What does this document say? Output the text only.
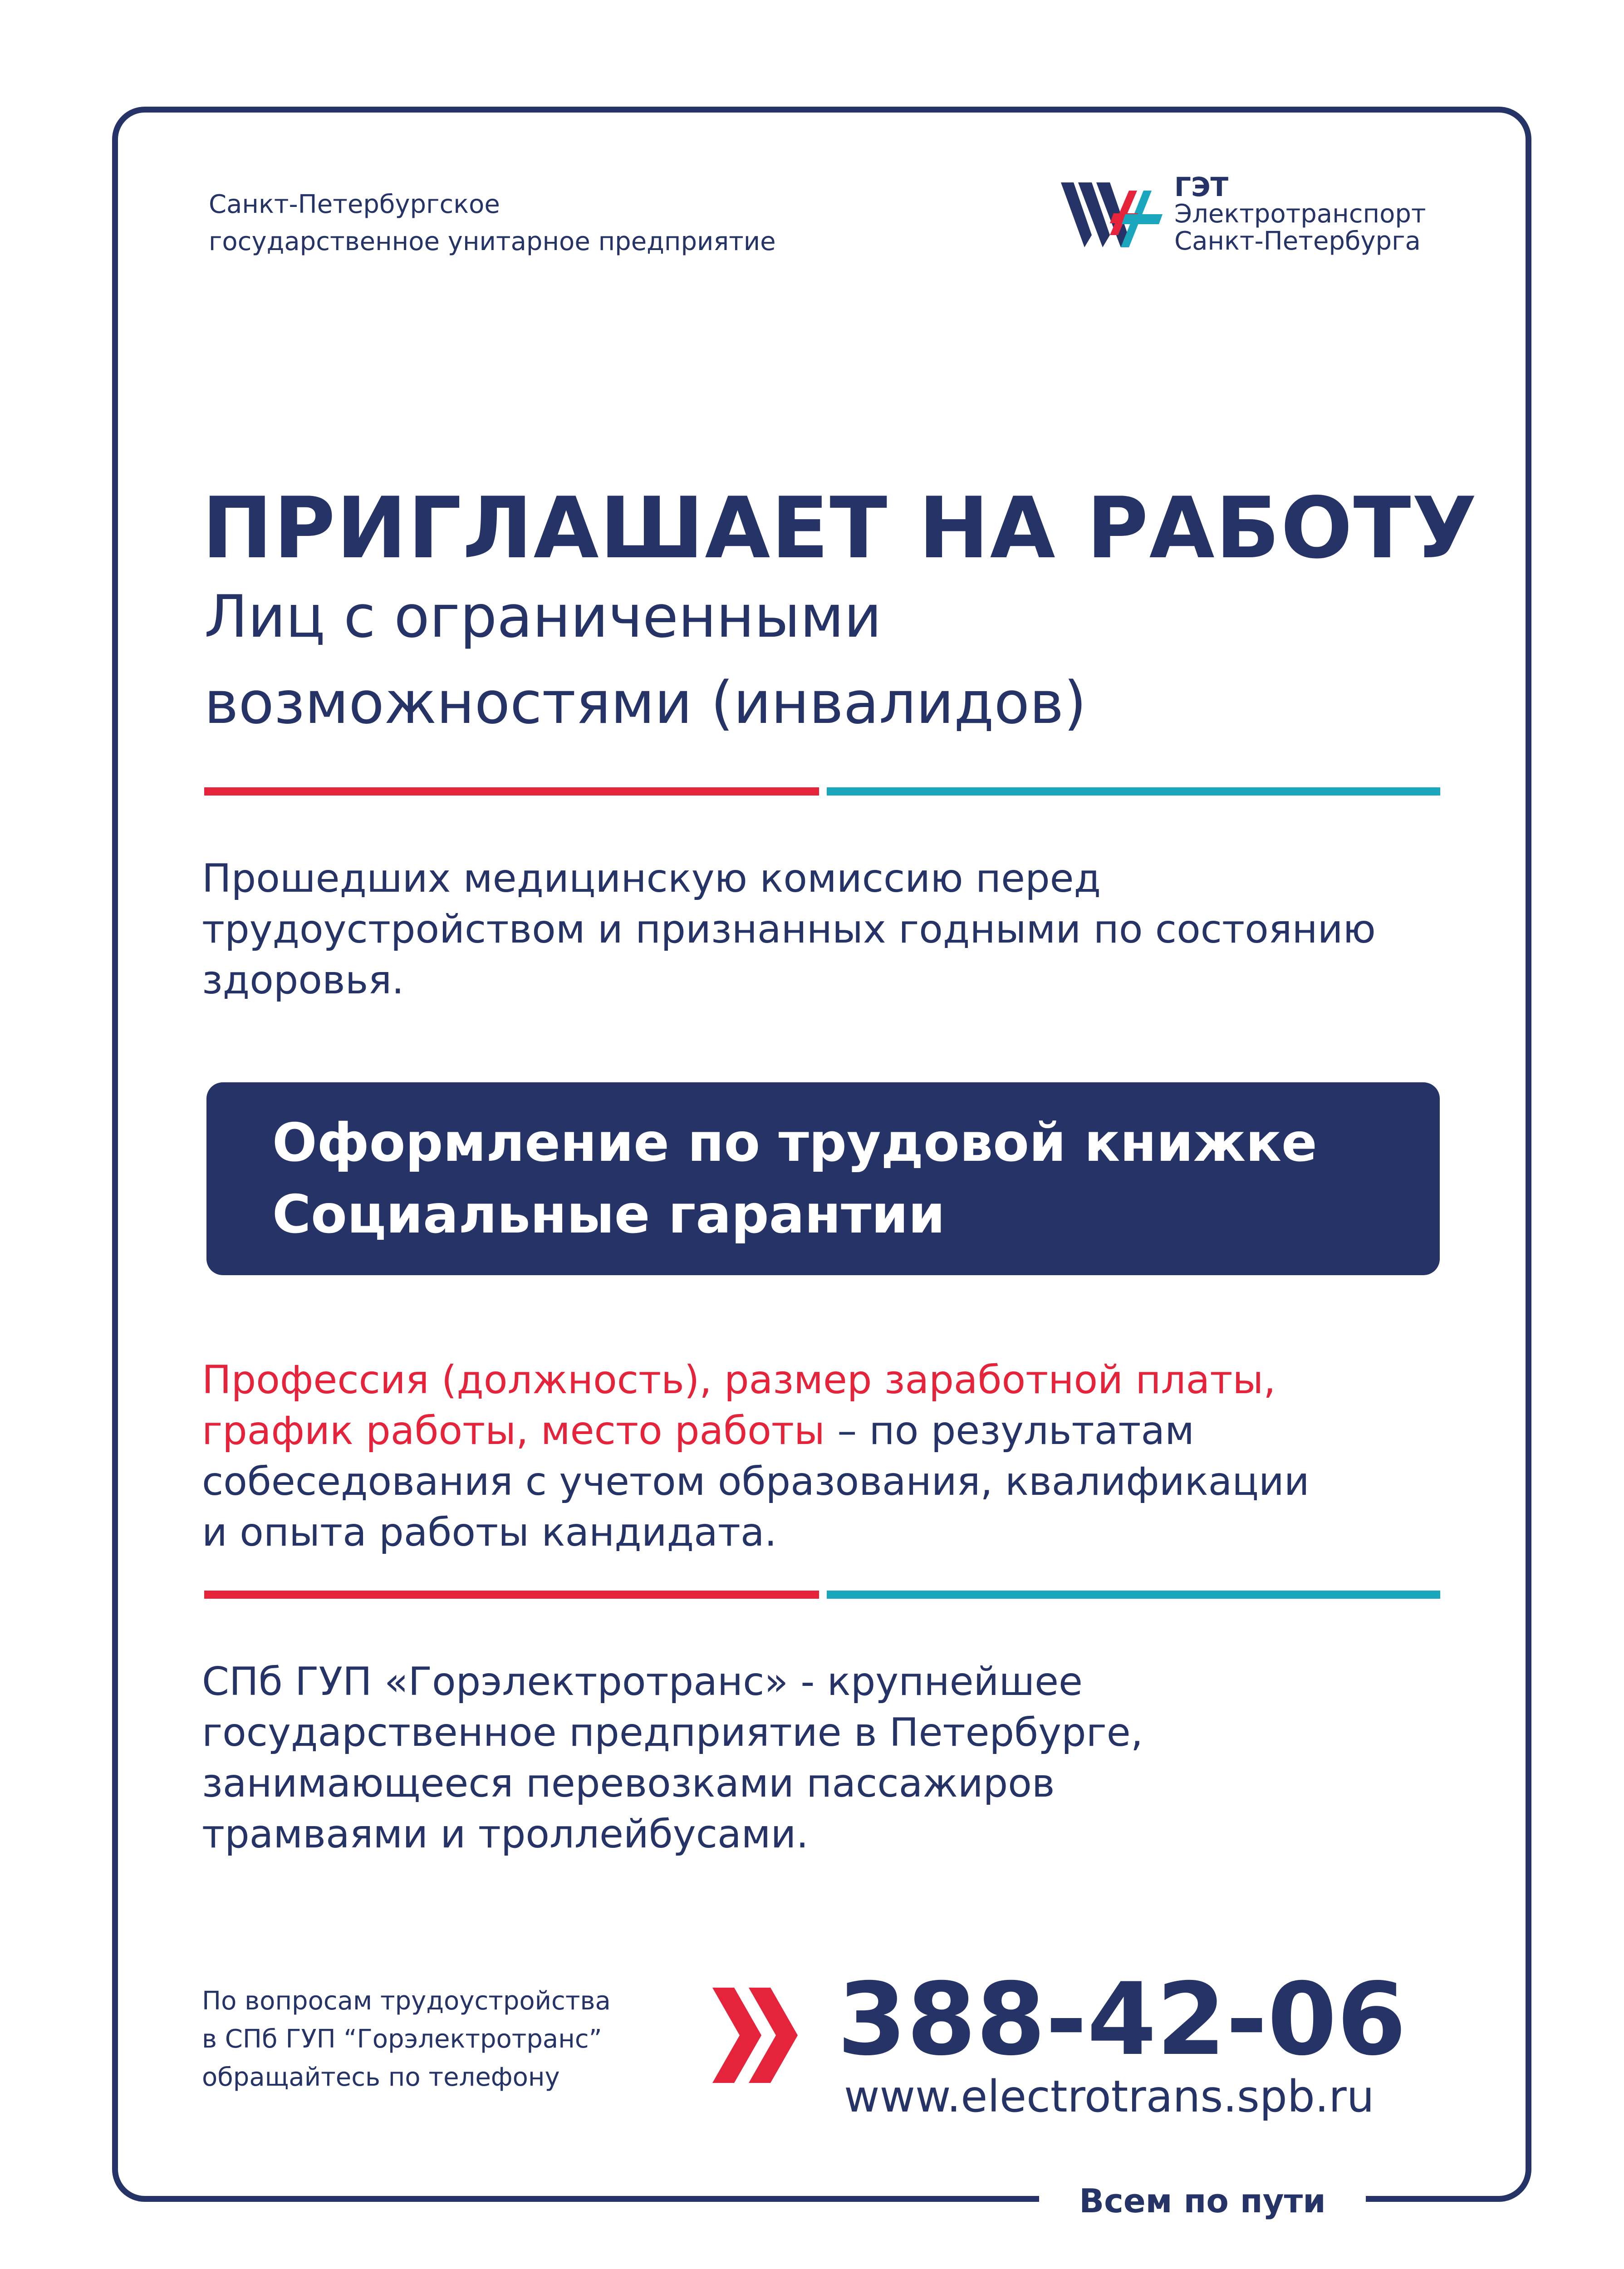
Всем по пути
Санкт-Петербургское
государственное унитарное предприятие
ГЭТ
Электротранспорт
Санкт-Петербурга
ПРИГЛАШАЕТ НА РАБОТУ
Лиц с ограниченными
возможностями (инвалидов)
Прошедших медицинскую комиссию перед
трудоустройством и признанных годными по состоянию
здоровья.
Оформление по трудовой книжке
Социальные гарантии
Профессия (должность), размер заработной платы,
график работы, место работы – по результатам
собеседования с учетом образования, квалификации
и опыта работы кандидата.
СПб ГУП «Горэлектротранс» - крупнейшее
государственное предприятие в Петербурге,
занимающееся перевозками пассажиров
трамваями и троллейбусами.
По вопросам трудоустройства
в СПб ГУП “Горэлектротранс”
обращайтесь по телефону	388-42-06
www.electrotrans.spb.ru
